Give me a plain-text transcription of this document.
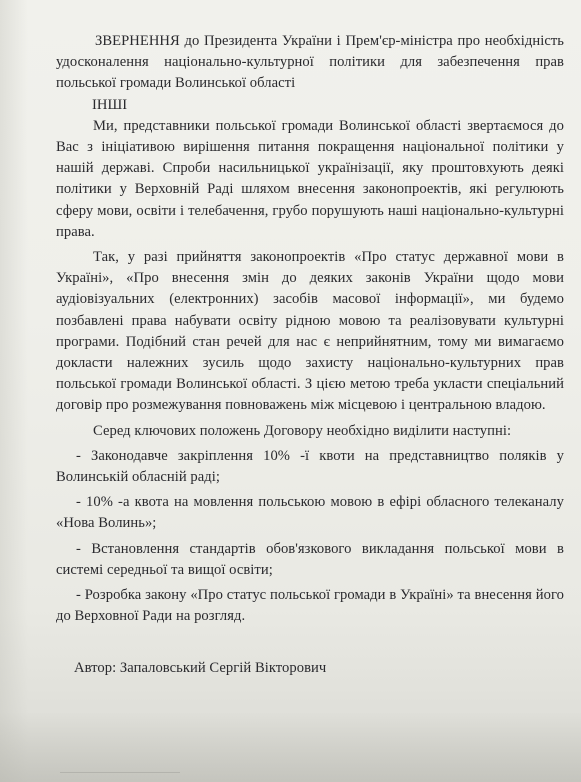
ЗВЕРНЕННЯ до Президента України і Прем'єр-міністра про необхідність удосконалення національно-культурної політики для забезпечення прав польської громади Волинської області

ІНШІ

Ми, представники польської громади Волинської області звертаємося до Вас з ініціативою вирішення питання покращення національної політики у нашій державі. Спроби насильницької українізації, яку проштовхують деякі політики у Верховній Раді шляхом внесення законопроектів, які регулюють сферу мови, освіти і телебачення, грубо порушують наші національно-культурні права.

Так, у разі прийняття законопроектів «Про статус державної мови в Україні», «Про внесення змін до деяких законів України щодо мови аудіовізуальних (електронних) засобів масової інформації», ми будемо позбавлені права набувати освіту рідною мовою та реалізовувати культурні програми. Подібний стан речей для нас є неприйнятним, тому ми вимагаємо докласти належних зусиль щодо захисту національно-культурних прав польської громади Волинської області. З цією метою треба укласти спеціальний договір про розмежування повноважень між місцевою і центральною владою.

Серед ключових положень Договору необхідно виділити наступні:

- Законодавче закріплення 10% -ї квоти на представництво поляків у Волинській обласній раді;

- 10% -а квота на мовлення польською мовою в ефірі обласного телеканалу «Нова Волинь»;

- Встановлення стандартів обов'язкового викладання польської мови в системі середньої та вищої освіти;

- Розробка закону «Про статус польської громади в Україні» та внесення його до Верховної Ради на розгляд.

Автор: Запаловський Сергій Вікторович
